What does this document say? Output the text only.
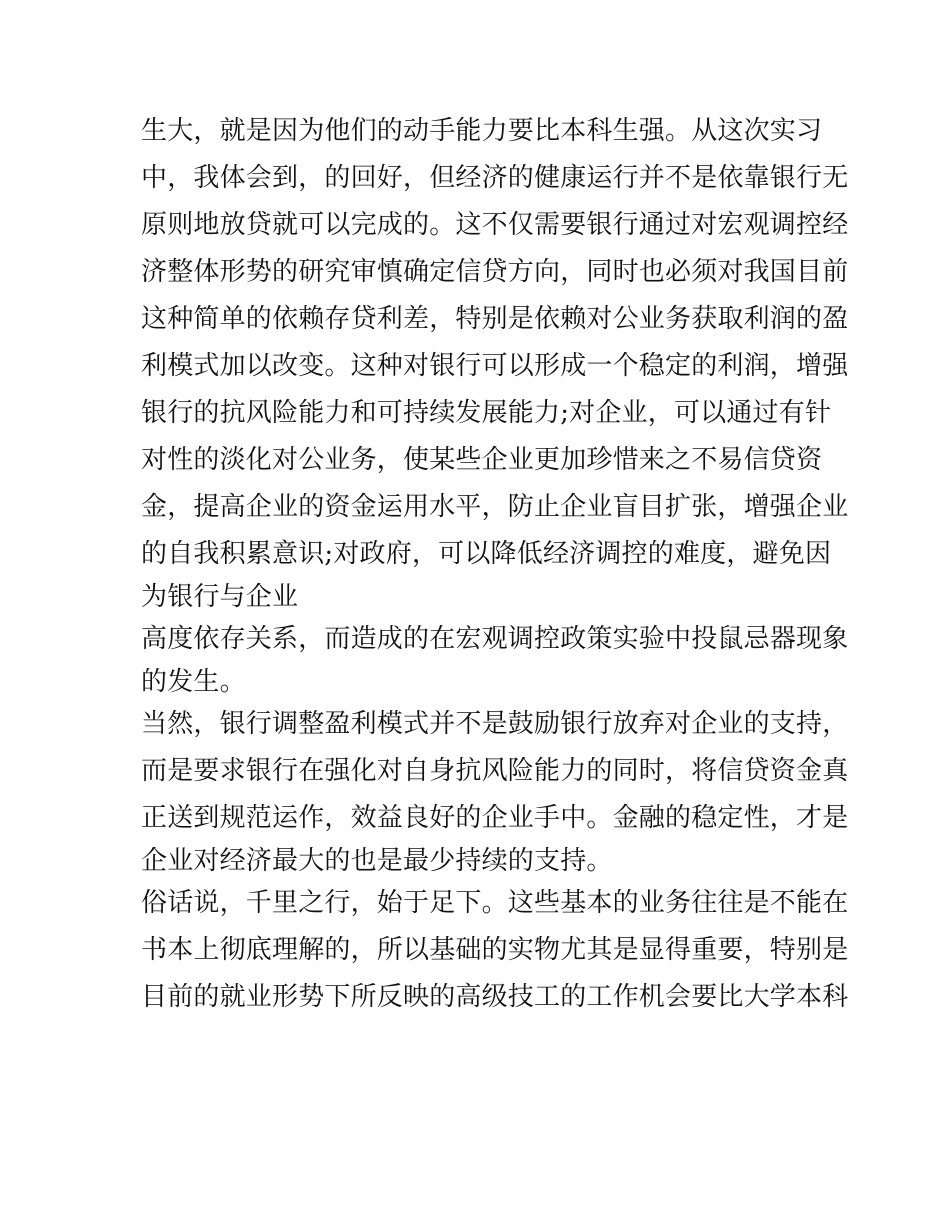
生大，就是因为他们的动手能力要比本科生强。从这次实习
中，我体会到，的回好，但经济的健康运行并不是依靠银行无
原则地放贷就可以完成的。这不仅需要银行通过对宏观调控经
济整体形势的研究审慎确定信贷方向，同时也必须对我国目前
这种简单的依赖存贷利差，特别是依赖对公业务获取利润的盈
利模式加以改变。这种对银行可以形成一个稳定的利润，增强
银行的抗风险能力和可持续发展能力;对企业，可以通过有针
对性的淡化对公业务，使某些企业更加珍惜来之不易信贷资
金，提高企业的资金运用水平，防止企业盲目扩张，增强企业
的自我积累意识;对政府，可以降低经济调控的难度，避免因
为银行与企业
高度依存关系，而造成的在宏观调控政策实验中投鼠忌器现象
的发生。
当然，银行调整盈利模式并不是鼓励银行放弃对企业的支持，
而是要求银行在强化对自身抗风险能力的同时，将信贷资金真
正送到规范运作，效益良好的企业手中。金融的稳定性，才是
企业对经济最大的也是最少持续的支持。
俗话说，千里之行，始于足下。这些基本的业务往往是不能在
书本上彻底理解的，所以基础的实物尤其是显得重要，特别是
目前的就业形势下所反映的高级技工的工作机会要比大学本科
